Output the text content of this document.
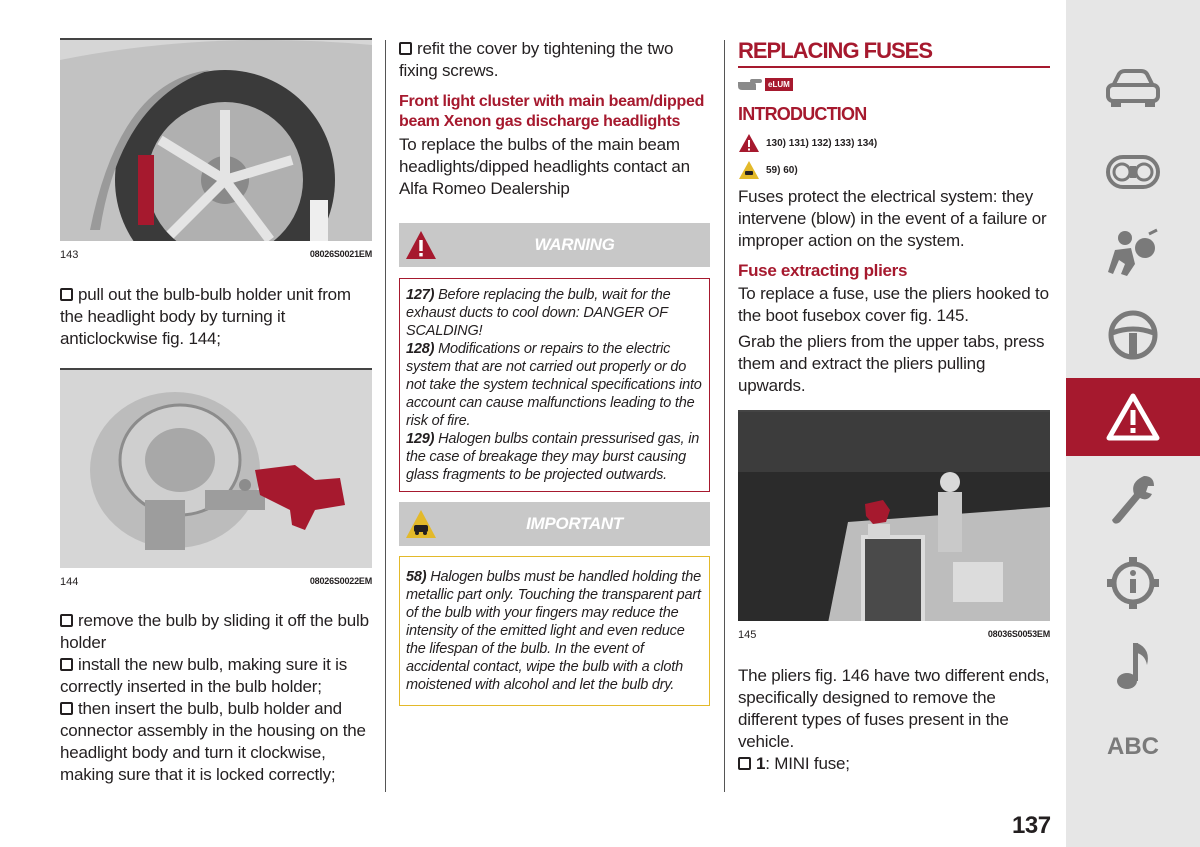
143	08026S0021EM

pull out the bulb-bulb holder unit from the headlight body by turning it anticlockwise fig. 144;

144	08026S0022EM

remove the bulb by sliding it off the bulb holder

install the new bulb, making sure it is correctly inserted in the bulb holder;

then insert the bulb, bulb holder and connector assembly in the housing on the headlight body and turn it clockwise, making sure that it is locked correctly;

refit the cover by tightening the two fixing screws.

Front light cluster with main beam/dipped beam Xenon gas discharge headlights

To replace the bulbs of the main beam headlights/dipped headlights contact an Alfa Romeo Dealership

WARNING

127) Before replacing the bulb, wait for the exhaust ducts to cool down: DANGER OF SCALDING!

128) Modifications or repairs to the electric system that are not carried out properly or do not take the system technical specifications into account can cause malfunctions leading to the risk of fire.

129) Halogen bulbs contain pressurised gas, in the case of breakage they may burst causing glass fragments to be projected outwards.

IMPORTANT

58) Halogen bulbs must be handled holding the metallic part only. Touching the transparent part of the bulb with your fingers may reduce the intensity of the emitted light and even reduce the lifespan of the bulb. In the event of accidental contact, wipe the bulb with a cloth moistened with alcohol and let the bulb dry.

REPLACING FUSES
eLUM
INTRODUCTION
130) 131) 132) 133) 134)
59) 60)

Fuses protect the electrical system: they intervene (blow) in the event of a failure or improper action on the system.

Fuse extracting pliers

To replace a fuse, use the pliers hooked to the boot fusebox cover fig. 145.

Grab the pliers from the upper tabs, press them and extract the pliers pulling upwards.

145	08036S0053EM

The pliers fig. 146 have two different ends, specifically designed to remove the different types of fuses present in the vehicle.

1: MINI fuse;

137
ABC
